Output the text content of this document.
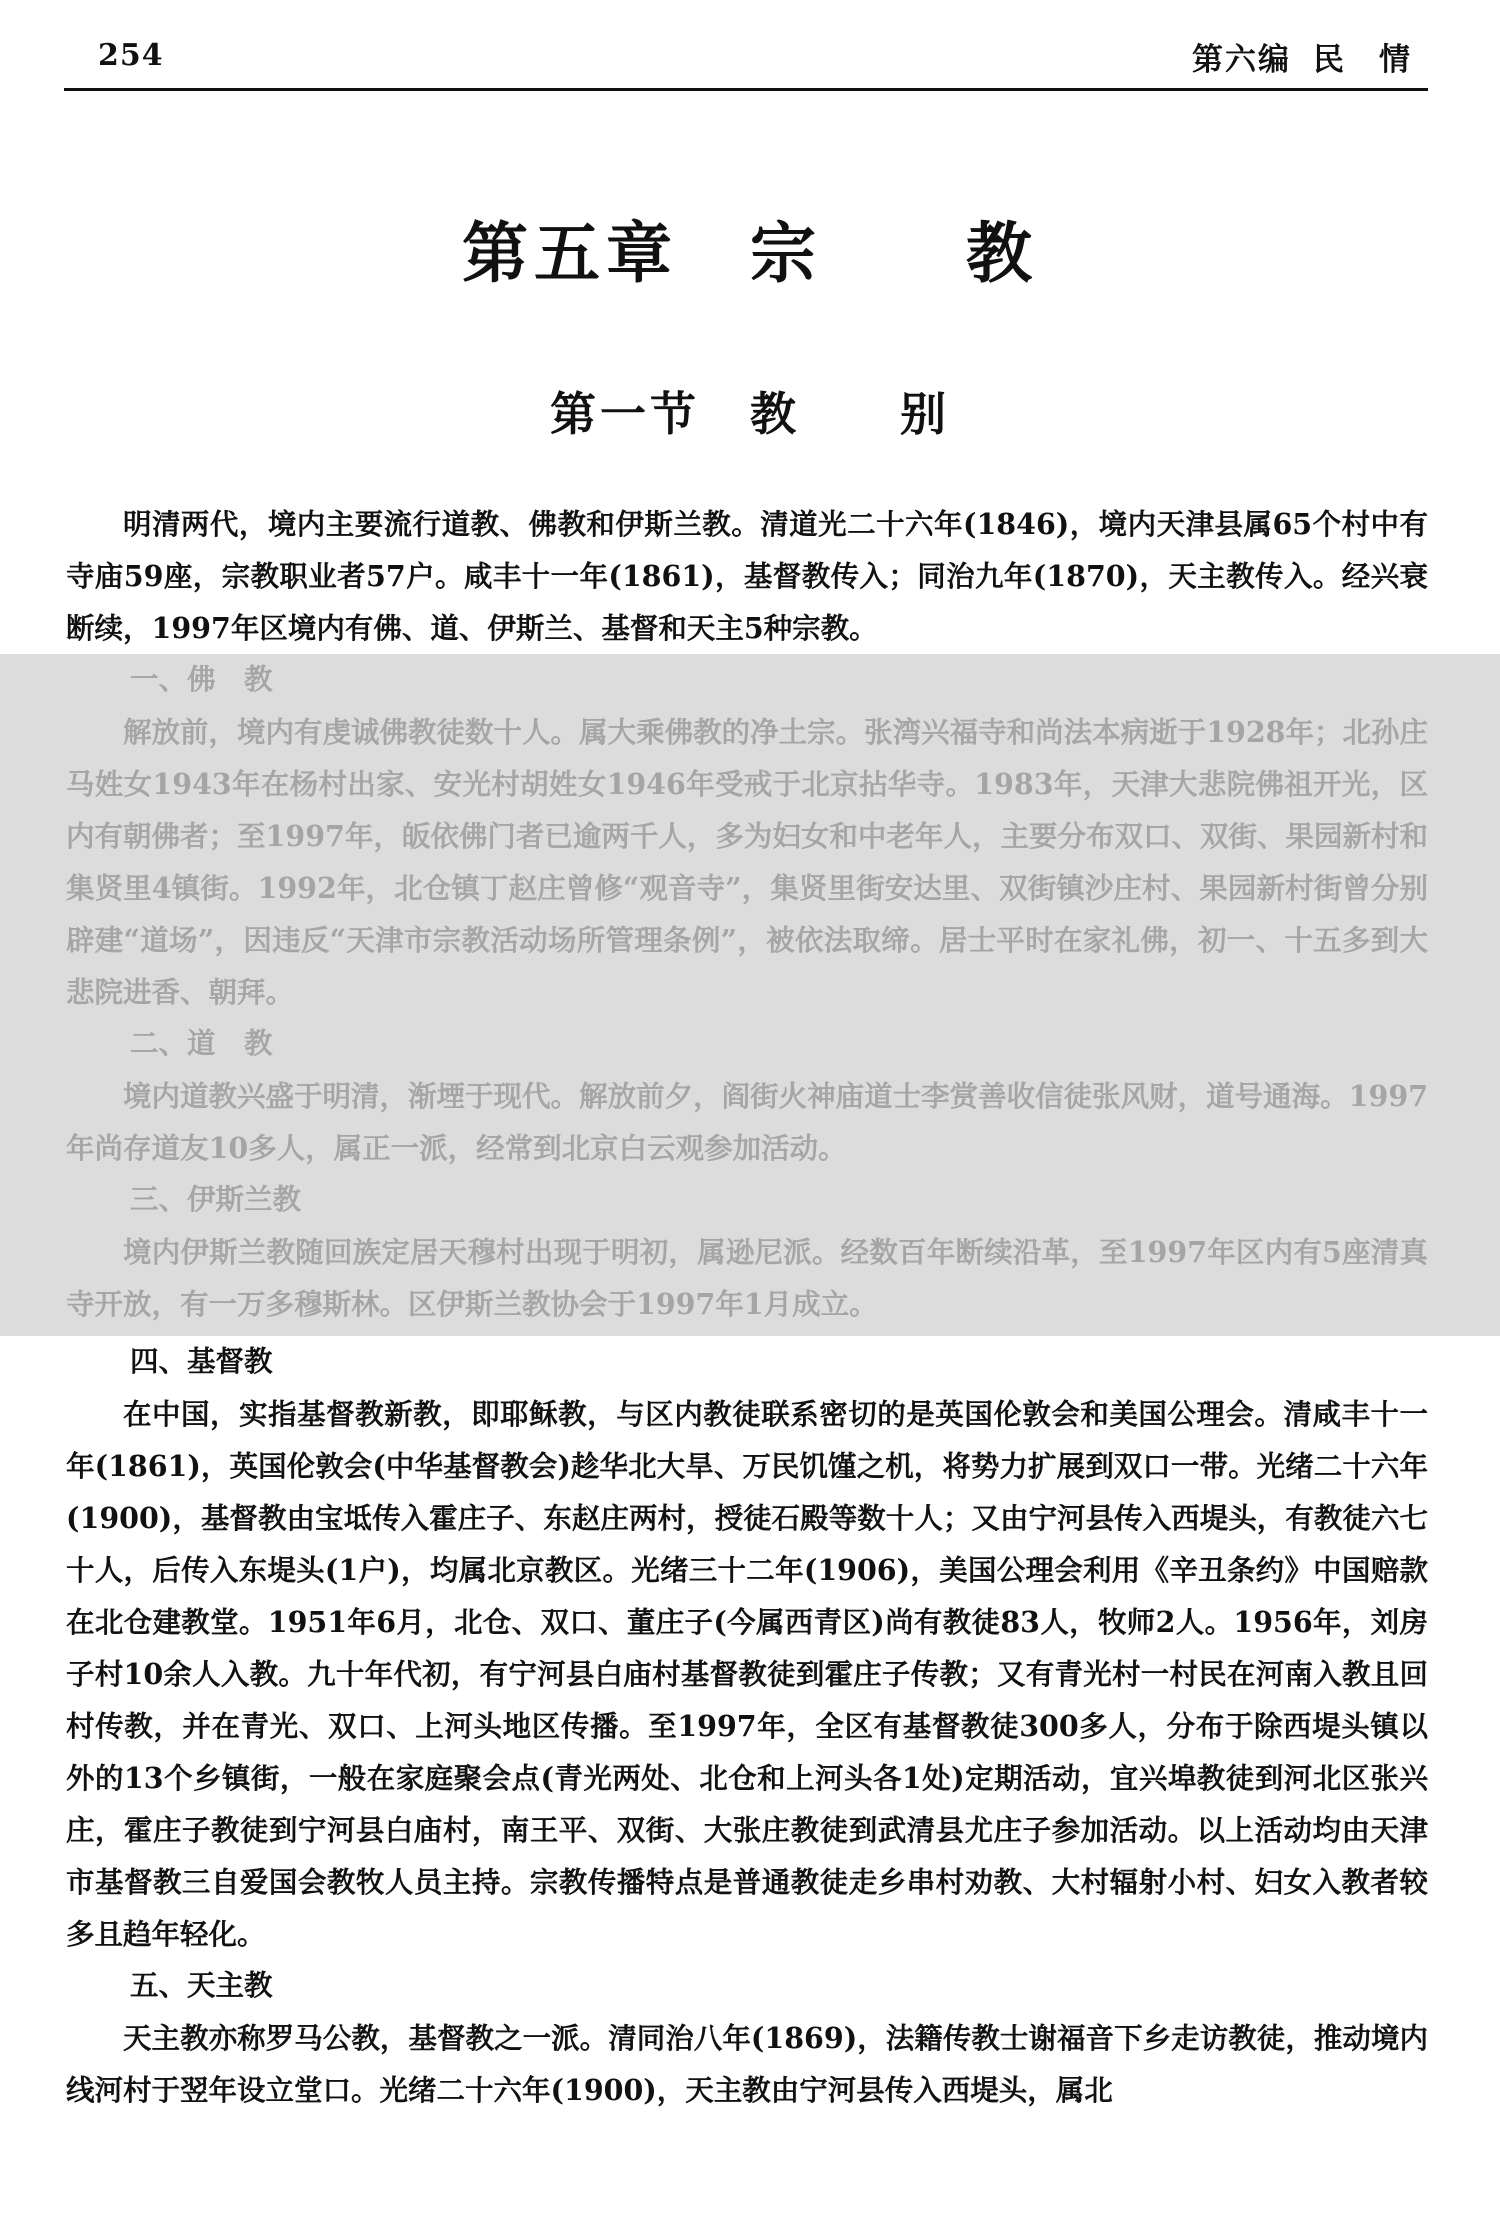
254	第六编 民　情
第五章　宗　　教
第一节　教　　别

明清两代，境内主要流行道教、佛教和伊斯兰教。清道光二十六年(1846)，境内天津县属65个村中有寺庙59座，宗教职业者57户。咸丰十一年(1861)，基督教传入；同治九年(1870)，天主教传入。经兴衰断续，1997年区境内有佛、道、伊斯兰、基督和天主5种宗教。

一、佛　教

解放前，境内有虔诚佛教徒数十人。属大乘佛教的净土宗。张湾兴福寺和尚法本病逝于1928年；北孙庄马姓女1943年在杨村出家、安光村胡姓女1946年受戒于北京拈华寺。1983年，天津大悲院佛祖开光，区内有朝佛者；至1997年，皈依佛门者已逾两千人，多为妇女和中老年人，主要分布双口、双街、果园新村和集贤里4镇街。1992年，北仓镇丁赵庄曾修“观音寺”，集贤里街安达里、双街镇沙庄村、果园新村街曾分别辟建“道场”，因违反“天津市宗教活动场所管理条例”，被依法取缔。居士平时在家礼佛，初一、十五多到大悲院进香、朝拜。

二、道　教

境内道教兴盛于明清，渐堙于现代。解放前夕，阎街火神庙道士李赏善收信徒张风财，道号通海。1997年尚存道友10多人，属正一派，经常到北京白云观参加活动。

三、伊斯兰教

境内伊斯兰教随回族定居天穆村出现于明初，属逊尼派。经数百年断续沿革，至1997年区内有5座清真寺开放，有一万多穆斯林。区伊斯兰教协会于1997年1月成立。

四、基督教

在中国，实指基督教新教，即耶稣教，与区内教徒联系密切的是英国伦敦会和美国公理会。清咸丰十一年(1861)，英国伦敦会(中华基督教会)趁华北大旱、万民饥馑之机，将势力扩展到双口一带。光绪二十六年(1900)，基督教由宝坻传入霍庄子、东赵庄两村，授徒石殿等数十人；又由宁河县传入西堤头，有教徒六七十人，后传入东堤头(1户)，均属北京教区。光绪三十二年(1906)，美国公理会利用《辛丑条约》中国赔款在北仓建教堂。1951年6月，北仓、双口、董庄子(今属西青区)尚有教徒83人，牧师2人。1956年，刘房子村10余人入教。九十年代初，有宁河县白庙村基督教徒到霍庄子传教；又有青光村一村民在河南入教且回村传教，并在青光、双口、上河头地区传播。至1997年，全区有基督教徒300多人，分布于除西堤头镇以外的13个乡镇街，一般在家庭聚会点(青光两处、北仓和上河头各1处)定期活动，宜兴埠教徒到河北区张兴庄，霍庄子教徒到宁河县白庙村，南王平、双街、大张庄教徒到武清县尤庄子参加活动。以上活动均由天津市基督教三自爱国会教牧人员主持。宗教传播特点是普通教徒走乡串村劝教、大村辐射小村、妇女入教者较多且趋年轻化。

五、天主教

天主教亦称罗马公教，基督教之一派。清同治八年(1869)，法籍传教士谢福音下乡走访教徒，推动境内线河村于翌年设立堂口。光绪二十六年(1900)，天主教由宁河县传入西堤头，属北
